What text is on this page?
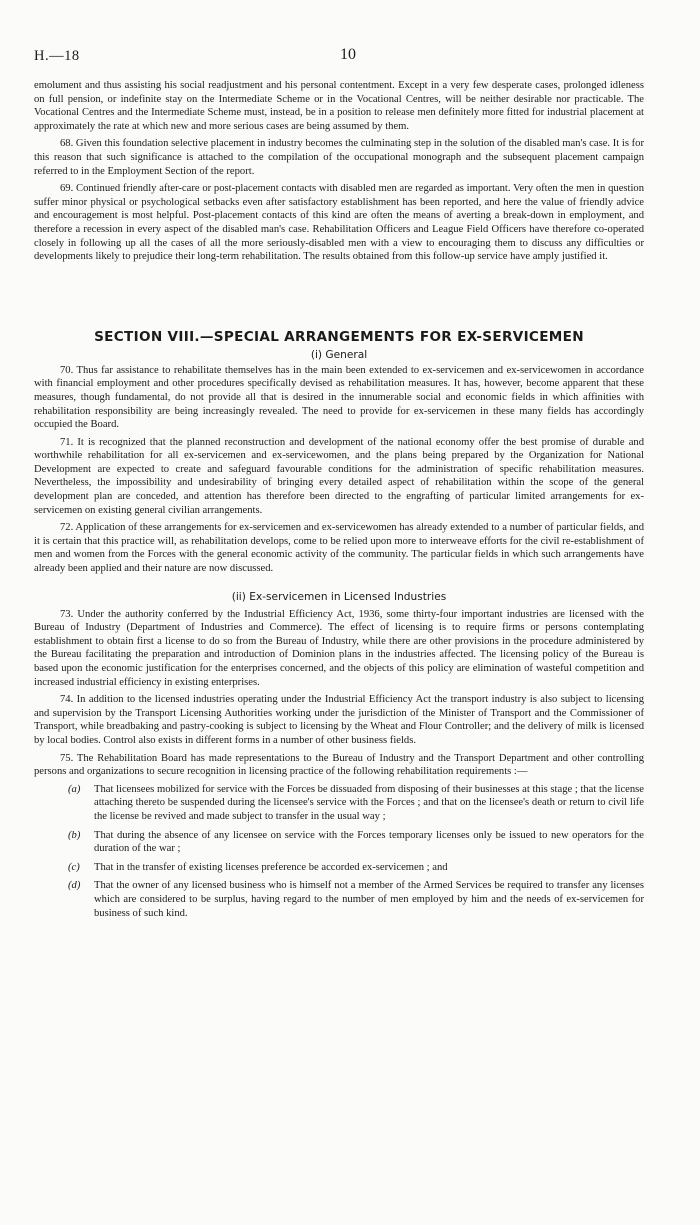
H.—18	10

emolument and thus assisting his social readjustment and his personal contentment. Except in a very few desperate cases, prolonged idleness on full pension, or indefinite stay on the Intermediate Scheme or in the Vocational Centres, will be neither desirable nor practicable. The Vocational Centres and the Intermediate Scheme must, instead, be in a position to release men definitely more fitted for industrial placement at approximately the rate at which new and more serious cases are being assumed by them.

68. Given this foundation selective placement in industry becomes the culminating step in the solution of the disabled man's case. It is for this reason that such significance is attached to the compilation of the occupational monograph and the subsequent placement campaign referred to in the Employment Section of the report.

69. Continued friendly after-care or post-placement contacts with disabled men are regarded as important. Very often the men in question suffer minor physical or psychological setbacks even after satisfactory establishment has been reported, and here the value of friendly advice and encouragement is most helpful. Post-placement contacts of this kind are often the means of averting a break-down in employment, and therefore a recession in every aspect of the disabled man's case. Rehabilitation Officers and League Field Officers have therefore co-operated closely in following up all the cases of all the more seriously-disabled men with a view to encouraging them to discuss any difficulties or developments likely to prejudice their long-term rehabilitation. The results obtained from this follow-up service have amply justified it.

SECTION VIII.—SPECIAL ARRANGEMENTS FOR EX-SERVICEMEN
(i) General

70. Thus far assistance to rehabilitate themselves has in the main been extended to ex-servicemen and ex-servicewomen in accordance with financial employment and other procedures specifically devised as rehabilitation measures. It has, however, become apparent that these measures, though fundamental, do not provide all that is desired in the innumerable social and economic fields in which affinities with rehabilitation responsibility are being increasingly revealed. The need to provide for ex-servicemen in these many fields has accordingly occupied the Board.

71. It is recognized that the planned reconstruction and development of the national economy offer the best promise of durable and worthwhile rehabilitation for all ex-servicemen and ex-servicewomen, and the plans being prepared by the Organization for National Development are expected to create and safeguard favourable conditions for the administration of specific rehabilitation measures. Nevertheless, the impossibility and undesirability of bringing every detailed aspect of rehabilitation within the scope of the general development plan are conceded, and attention has therefore been directed to the engrafting of particular limited arrangements for ex-servicemen on existing general civilian arrangements.

72. Application of these arrangements for ex-servicemen and ex-servicewomen has already extended to a number of particular fields, and it is certain that this practice will, as rehabilitation develops, come to be relied upon more to interweave efforts for the civil re-establishment of men and women from the Forces with the general economic activity of the community. The particular fields in which such arrangements have already been applied and their nature are now discussed.

(ii) Ex-servicemen in Licensed Industries

73. Under the authority conferred by the Industrial Efficiency Act, 1936, some thirty-four important industries are licensed with the Bureau of Industry (Department of Industries and Commerce). The effect of licensing is to require firms or persons contemplating establishment to obtain first a license to do so from the Bureau of Industry, while there are other provisions in the procedure administered by the Bureau facilitating the preparation and introduction of Dominion plans in the industries affected. The licensing policy of the Bureau is based upon the economic justification for the enterprises concerned, and the objects of this policy are elimination of wasteful competition and increased industrial efficiency in existing enterprises.

74. In addition to the licensed industries operating under the Industrial Efficiency Act the transport industry is also subject to licensing and supervision by the Transport Licensing Authorities working under the jurisdiction of the Minister of Transport and the Commissioner of Transport, while breadbaking and pastry-cooking is subject to licensing by the Wheat and Flour Controller; and the delivery of milk is licensed by local bodies. Control also exists in different forms in a number of other business fields.

75. The Rehabilitation Board has made representations to the Bureau of Industry and the Transport Department and other controlling persons and organizations to secure recognition in licensing practice of the following rehabilitation requirements :—

(a) That licensees mobilized for service with the Forces be dissuaded from disposing of their businesses at this stage ; that the license attaching thereto be suspended during the licensee's service with the Forces ; and that on the licensee's death or return to civil life the license be revived and made subject to transfer in the usual way ;
(b) That during the absence of any licensee on service with the Forces temporary licenses only be issued to new operators for the duration of the war ;
(c) That in the transfer of existing licenses preference be accorded ex-servicemen ; and
(d) That the owner of any licensed business who is himself not a member of the Armed Services be required to transfer any licenses which are considered to be surplus, having regard to the number of men employed by him and the needs of ex-servicemen for business of such kind.
